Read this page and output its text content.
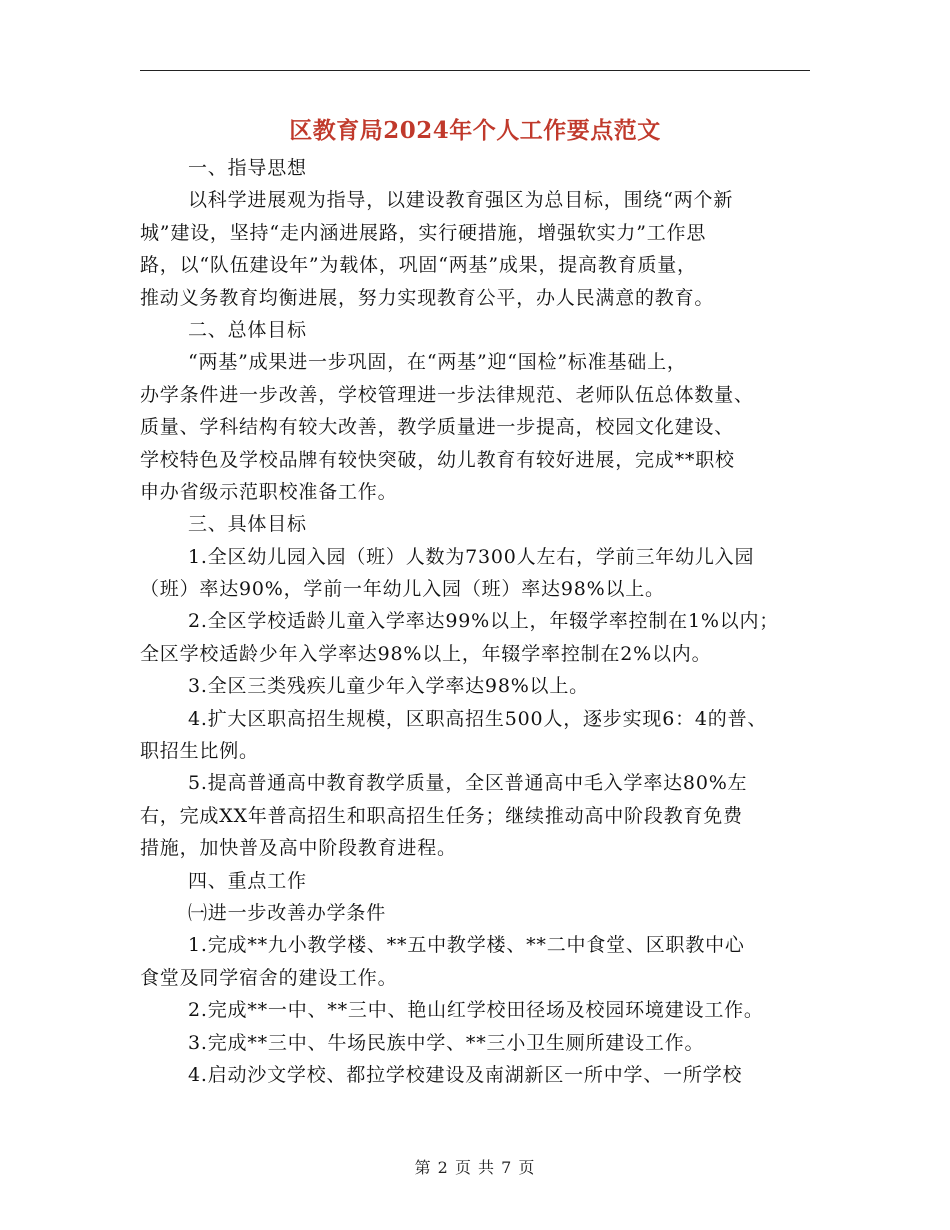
区教育局2024年个人工作要点范文
一、指导思想
以科学进展观为指导，以建设教育强区为总目标，围绕“两个新
城”建设，坚持“走内涵进展路，实行硬措施，增强软实力”工作思
路，以“队伍建设年”为载体，巩固“两基”成果，提高教育质量，
推动义务教育均衡进展，努力实现教育公平，办人民满意的教育。
二、总体目标
“两基”成果进一步巩固，在“两基”迎“国检”标准基础上，
办学条件进一步改善，学校管理进一步法律规范、老师队伍总体数量、
质量、学科结构有较大改善，教学质量进一步提高，校园文化建设、
学校特色及学校品牌有较快突破，幼儿教育有较好进展，完成**职校
申办省级示范职校准备工作。
三、具体目标
1.全区幼儿园入园（班）人数为7300人左右，学前三年幼儿入园
（班）率达90%，学前一年幼儿入园（班）率达98%以上。
2.全区学校适龄儿童入学率达99%以上，年辍学率控制在1%以内；
全区学校适龄少年入学率达98%以上，年辍学率控制在2%以内。
3.全区三类残疾儿童少年入学率达98%以上。
4.扩大区职高招生规模，区职高招生500人，逐步实现6：4的普、
职招生比例。
5.提高普通高中教育教学质量，全区普通高中毛入学率达80%左
右，完成XX年普高招生和职高招生任务；继续推动高中阶段教育免费
措施，加快普及高中阶段教育进程。
四、重点工作
㈠进一步改善办学条件
1.完成**九小教学楼、**五中教学楼、**二中食堂、区职教中心
食堂及同学宿舍的建设工作。
2.完成**一中、**三中、艳山红学校田径场及校园环境建设工作。
3.完成**三中、牛场民族中学、**三小卫生厕所建设工作。
4.启动沙文学校、都拉学校建设及南湖新区一所中学、一所学校
第 2 页 共 7 页
